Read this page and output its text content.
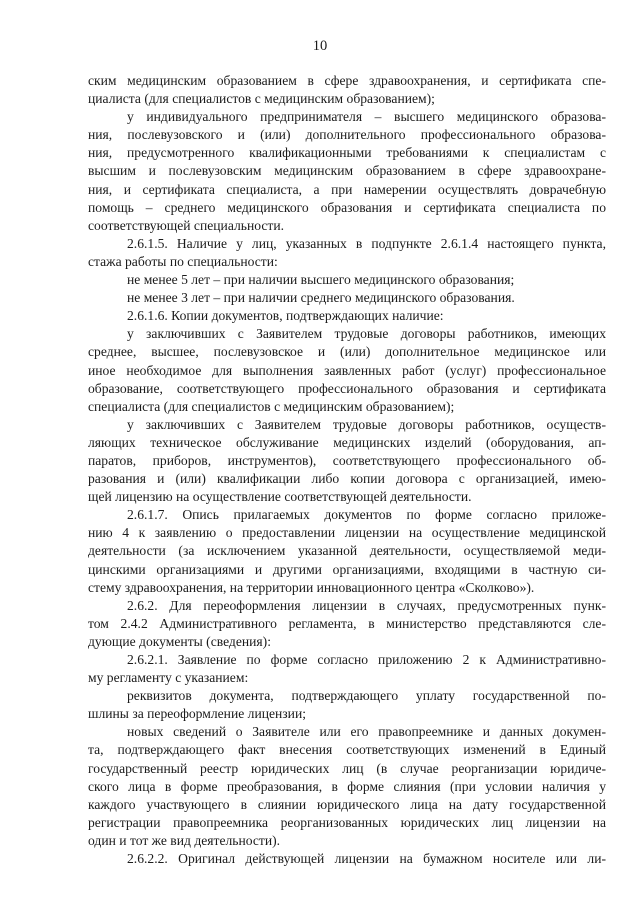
10
ским медицинским образованием в сфере здравоохранения, и сертификата спе-
циалиста (для специалистов с медицинским образованием);
у индивидуального предпринимателя – высшего медицинского образова-
ния, послевузовского и (или) дополнительного профессионального образова-
ния, предусмотренного квалификационными требованиями к специалистам с
высшим и послевузовским медицинским образованием в сфере здравоохране-
ния, и сертификата специалиста, а при намерении осуществлять доврачебную
помощь – среднего медицинского образования и сертификата специалиста по
соответствующей специальности.
2.6.1.5. Наличие у лиц, указанных в подпункте 2.6.1.4 настоящего пункта,
стажа работы по специальности:
не менее 5 лет – при наличии высшего медицинского образования;
не менее 3 лет – при наличии среднего медицинского образования.
2.6.1.6. Копии документов, подтверждающих наличие:
у заключивших с Заявителем трудовые договоры работников, имеющих
среднее, высшее, послевузовское и (или) дополнительное медицинское или
иное необходимое для выполнения заявленных работ (услуг) профессиональное
образование, соответствующего профессионального образования и сертификата
специалиста (для специалистов с медицинским образованием);
у заключивших с Заявителем трудовые договоры работников, осуществ-
ляющих техническое обслуживание медицинских изделий (оборудования, ап-
паратов, приборов, инструментов), соответствующего профессионального об-
разования и (или) квалификации либо копии договора с организацией, имею-
щей лицензию на осуществление соответствующей деятельности.
2.6.1.7. Опись прилагаемых документов по форме согласно приложе-
нию 4 к заявлению о предоставлении лицензии на осуществление медицинской
деятельности (за исключением указанной деятельности, осуществляемой меди-
цинскими организациями и другими организациями, входящими в частную си-
стему здравоохранения, на территории инновационного центра «Сколково»).
2.6.2. Для переоформления лицензии в случаях, предусмотренных пунк-
том 2.4.2 Административного регламента, в министерство представляются сле-
дующие документы (сведения):
2.6.2.1. Заявление по форме согласно приложению 2 к Административно-
му регламенту с указанием:
реквизитов документа, подтверждающего уплату государственной по-
шлины за переоформление лицензии;
новых сведений о Заявителе или его правопреемнике и данных докумен-
та, подтверждающего факт внесения соответствующих изменений в Единый
государственный реестр юридических лиц (в случае реорганизации юридиче-
ского лица в форме преобразования, в форме слияния (при условии наличия у
каждого участвующего в слиянии юридического лица на дату государственной
регистрации правопреемника реорганизованных юридических лиц лицензии на
один и тот же вид деятельности).
2.6.2.2. Оригинал действующей лицензии на бумажном носителе или ли-
